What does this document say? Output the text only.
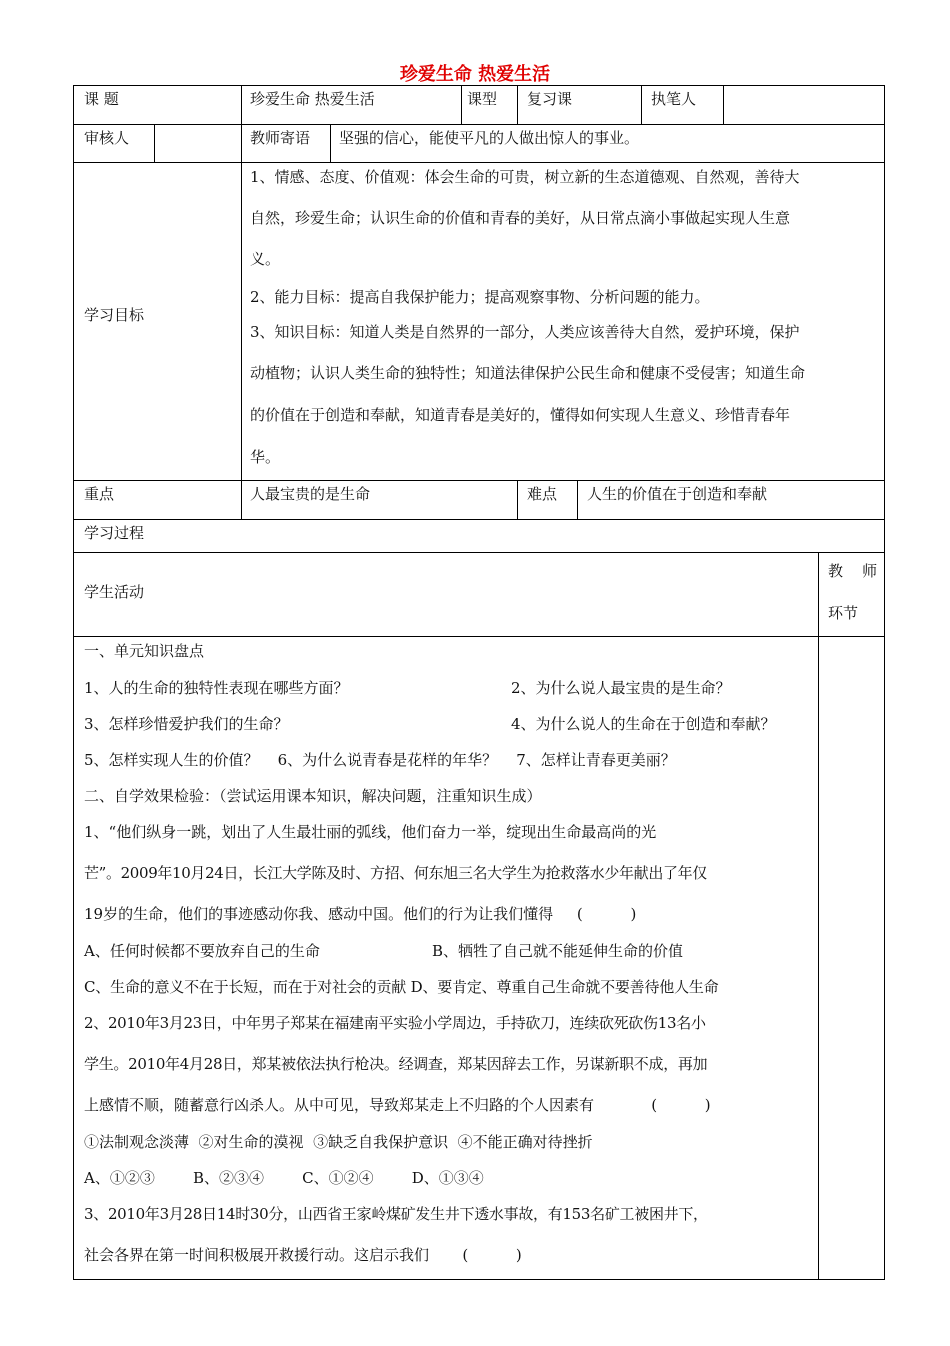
珍爱生命 热爱生活
课 题	珍爱生命 热爱生活	课型 复习课	执笔人
审核人	教师寄语 坚强的信心，能使平凡的人做出惊人的事业。
学习目标
1、情感、态度、价值观：体会生命的可贵，树立新的生态道德观、自然观，善待大
自然，珍爱生命；认识生命的价值和青春的美好，从日常点滴小事做起实现人生意
义。
2、能力目标：提高自我保护能力；提高观察事物、分析问题的能力。
3、知识目标：知道人类是自然界的一部分，人类应该善待大自然，爱护环境，保护
动植物；认识人类生命的独特性；知道法律保护公民生命和健康不受侵害；知道生命
的价值在于创造和奉献，知道青春是美好的，懂得如何实现人生意义、珍惜青春年
华。
重点	人最宝贵的是生命	难点 人生的价值在于创造和奉献
学习过程
学生活动
教    师
环节
一、单元知识盘点
1、人的生命的独特性表现在哪些方面？	2、为什么说人最宝贵的是生命？
3、怎样珍惜爱护我们的生命？	4、为什么说人的生命在于创造和奉献？
5、怎样实现人生的价值？    6、为什么说青春是花样的年华？    7、怎样让青春更美丽？
二、自学效果检验：（尝试运用课本知识，解决问题，注重知识生成）
1、“他们纵身一跳，划出了人生最壮丽的弧线，他们奋力一举，绽现出生命最高尚的光
芒”。2009年10月24日，长江大学陈及时、方招、何东旭三名大学生为抢救落水少年献出了年仅
19岁的生命，他们的事迹感动你我、感动中国。他们的行为让我们懂得     (          )
A、任何时候都不要放弃自己的生命	B、牺牲了自己就不能延伸生命的价值
C、生命的意义不在于长短，而在于对社会的贡献 D、要肯定、尊重自己生命就不要善待他人生命
2、2010年3月23日，中年男子郑某在福建南平实验小学周边，手持砍刀，连续砍死砍伤13名小
学生。2010年4月28日，郑某被依法执行枪决。经调查，郑某因辞去工作，另谋新职不成，再加
上感情不顺，随蓄意行凶杀人。从中可见，导致郑某走上不归路的个人因素有            (          )
①法制观念淡薄  ②对生命的漠视  ③缺乏自我保护意识  ④不能正确对待挫折
A、①②③        B、②③④        C、①②④        D、①③④
3、2010年3月28日14时30分，山西省王家岭煤矿发生井下透水事故，有153名矿工被困井下，
社会各界在第一时间积极展开救援行动。这启示我们       (          )
